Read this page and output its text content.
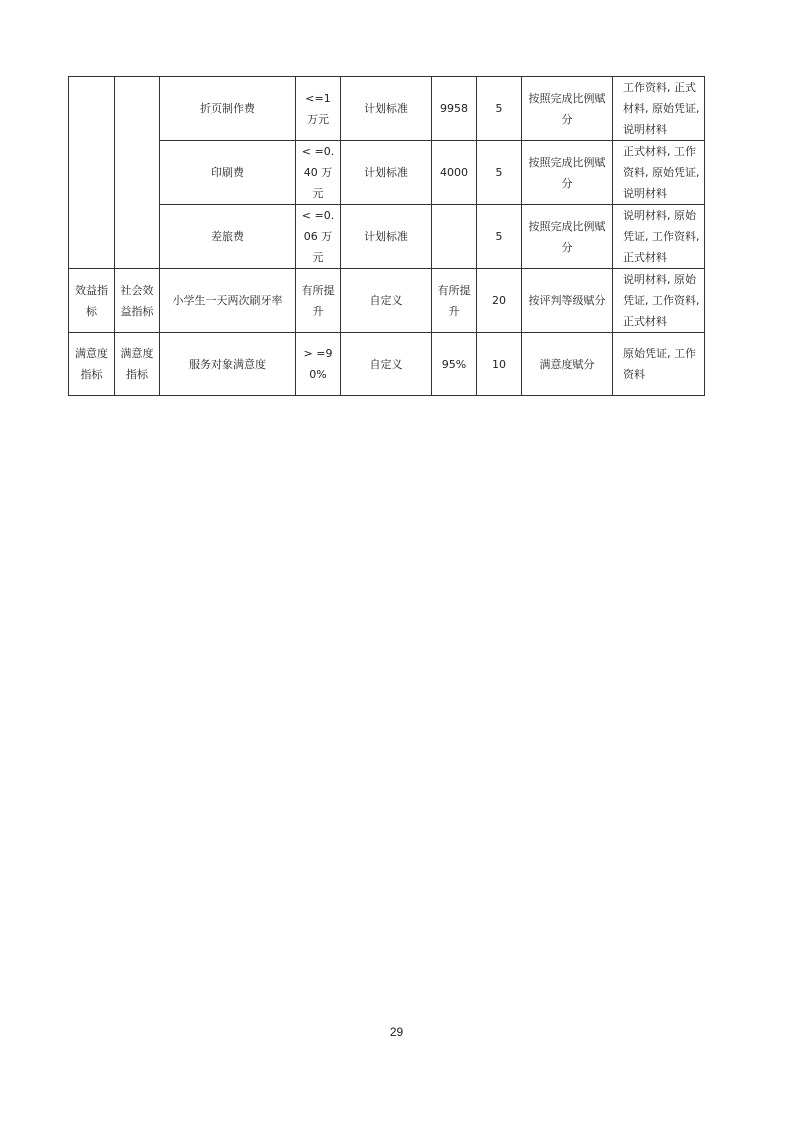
		折页制作费	<=1 万元	计划标准	9958	5	按照完成比例赋分	工作资料, 正式材料, 原始凭证, 说明材料
		印刷费	< =0.40 万元	计划标准	4000	5	按照完成比例赋分	正式材料, 工作资料, 原始凭证, 说明材料
		差旅费	< =0.06 万元	计划标准		5	按照完成比例赋分	说明材料, 原始凭证, 工作资料, 正式材料
效益指标	社会效益指标	小学生一天两次刷牙率	有所提升	自定义	有所提升	20	按评判等级赋分	说明材料, 原始凭证, 工作资料, 正式材料
满意度指标	满意度指标	服务对象满意度	> =90%	自定义	95%	10	满意度赋分	原始凭证, 工作资料
29
